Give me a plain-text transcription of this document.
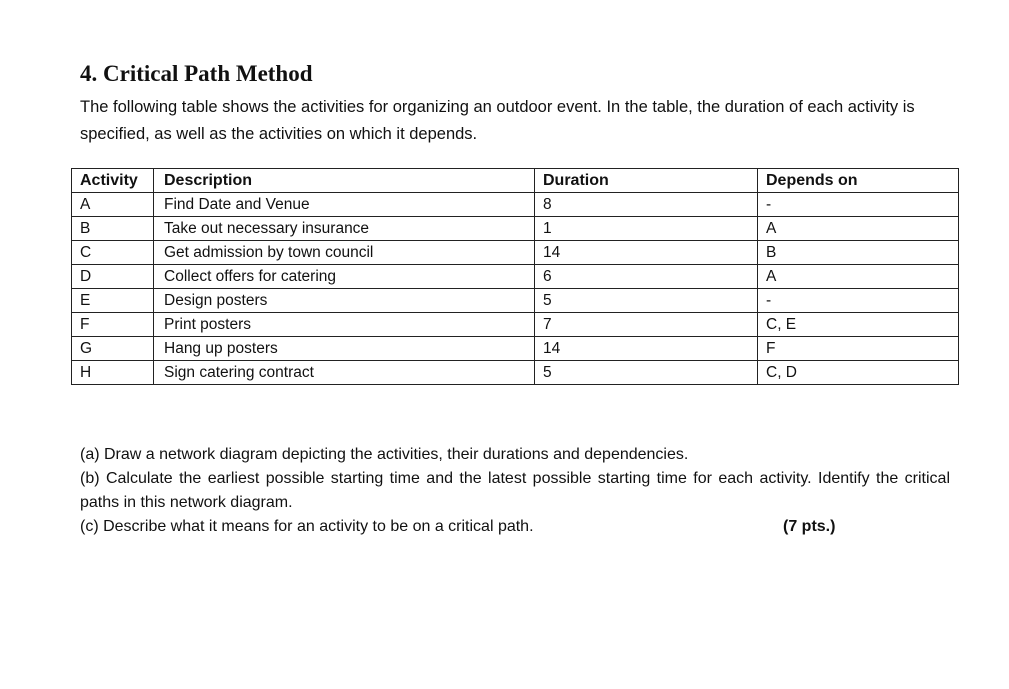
4. Critical Path Method

The following table shows the activities for organizing an outdoor event. In the table, the duration of each activity is specified, as well as the activities on which it depends.

Activity	Description	Duration	Depends on
A	Find Date and Venue	8	-
B	Take out necessary insurance	1	A
C	Get admission by town council	14	B
D	Collect offers for catering	6	A
E	Design posters	5	-
F	Print posters	7	C, E
G	Hang up posters	14	F
H	Sign catering contract	5	C, D

(a) Draw a network diagram depicting the activities, their durations and dependencies.

(b) Calculate the earliest possible starting time and the latest possible starting time for each activity. Identify the critical paths in this network diagram.

(c) Describe what it means for an activity to be on a critical path.	(7 pts.)
